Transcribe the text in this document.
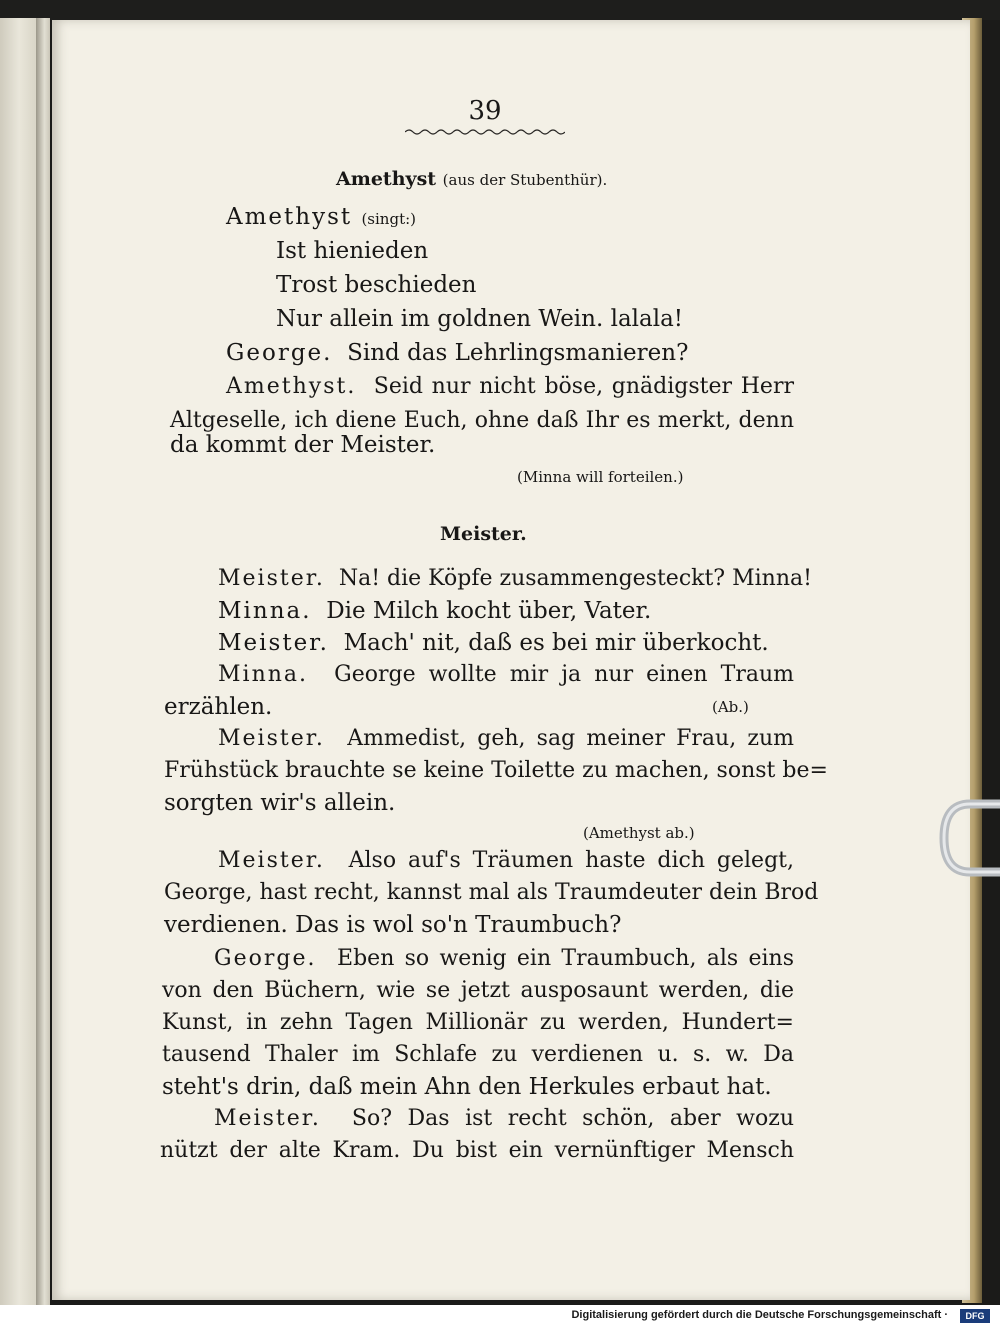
39
Amethyst (aus der Stubenthür).
Amethyst (singt:)
Ist hienieden
Trost beschieden
Nur allein im goldnen Wein. lalala!
George. Sind das Lehrlingsmanieren?
Amethyst. Seid nur nicht böse, gnädigster Herr
Altgeselle, ich diene Euch, ohne daß Ihr es merkt, denn
da kommt der Meister.
(Minna will forteilen.)
Meister.
Meister. Na! die Köpfe zusammengesteckt? Minna!
Minna. Die Milch kocht über, Vater.
Meister. Mach' nit, daß es bei mir überkocht.
Minna. George wollte mir ja nur einen Traum
erzählen.	(Ab.)
Meister. Ammedist, geh, sag meiner Frau, zum
Frühstück brauchte se keine Toilette zu machen, sonst be=
sorgten wir's allein.
(Amethyst ab.)
Meister. Also auf's Träumen haste dich gelegt,
George, hast recht, kannst mal als Traumdeuter dein Brod
verdienen. Das is wol so'n Traumbuch?
George. Eben so wenig ein Traumbuch, als eins
von den Büchern, wie se jetzt ausposaunt werden, die
Kunst, in zehn Tagen Millionär zu werden, Hundert=
tausend Thaler im Schlafe zu verdienen u. s. w. Da
steht's drin, daß mein Ahn den Herkules erbaut hat.
Meister. So? Das ist recht schön, aber wozu
nützt der alte Kram. Du bist ein vernünftiger Mensch
Digitalisierung gefördert durch die Deutsche Forschungsgemeinschaft ·	DFG
